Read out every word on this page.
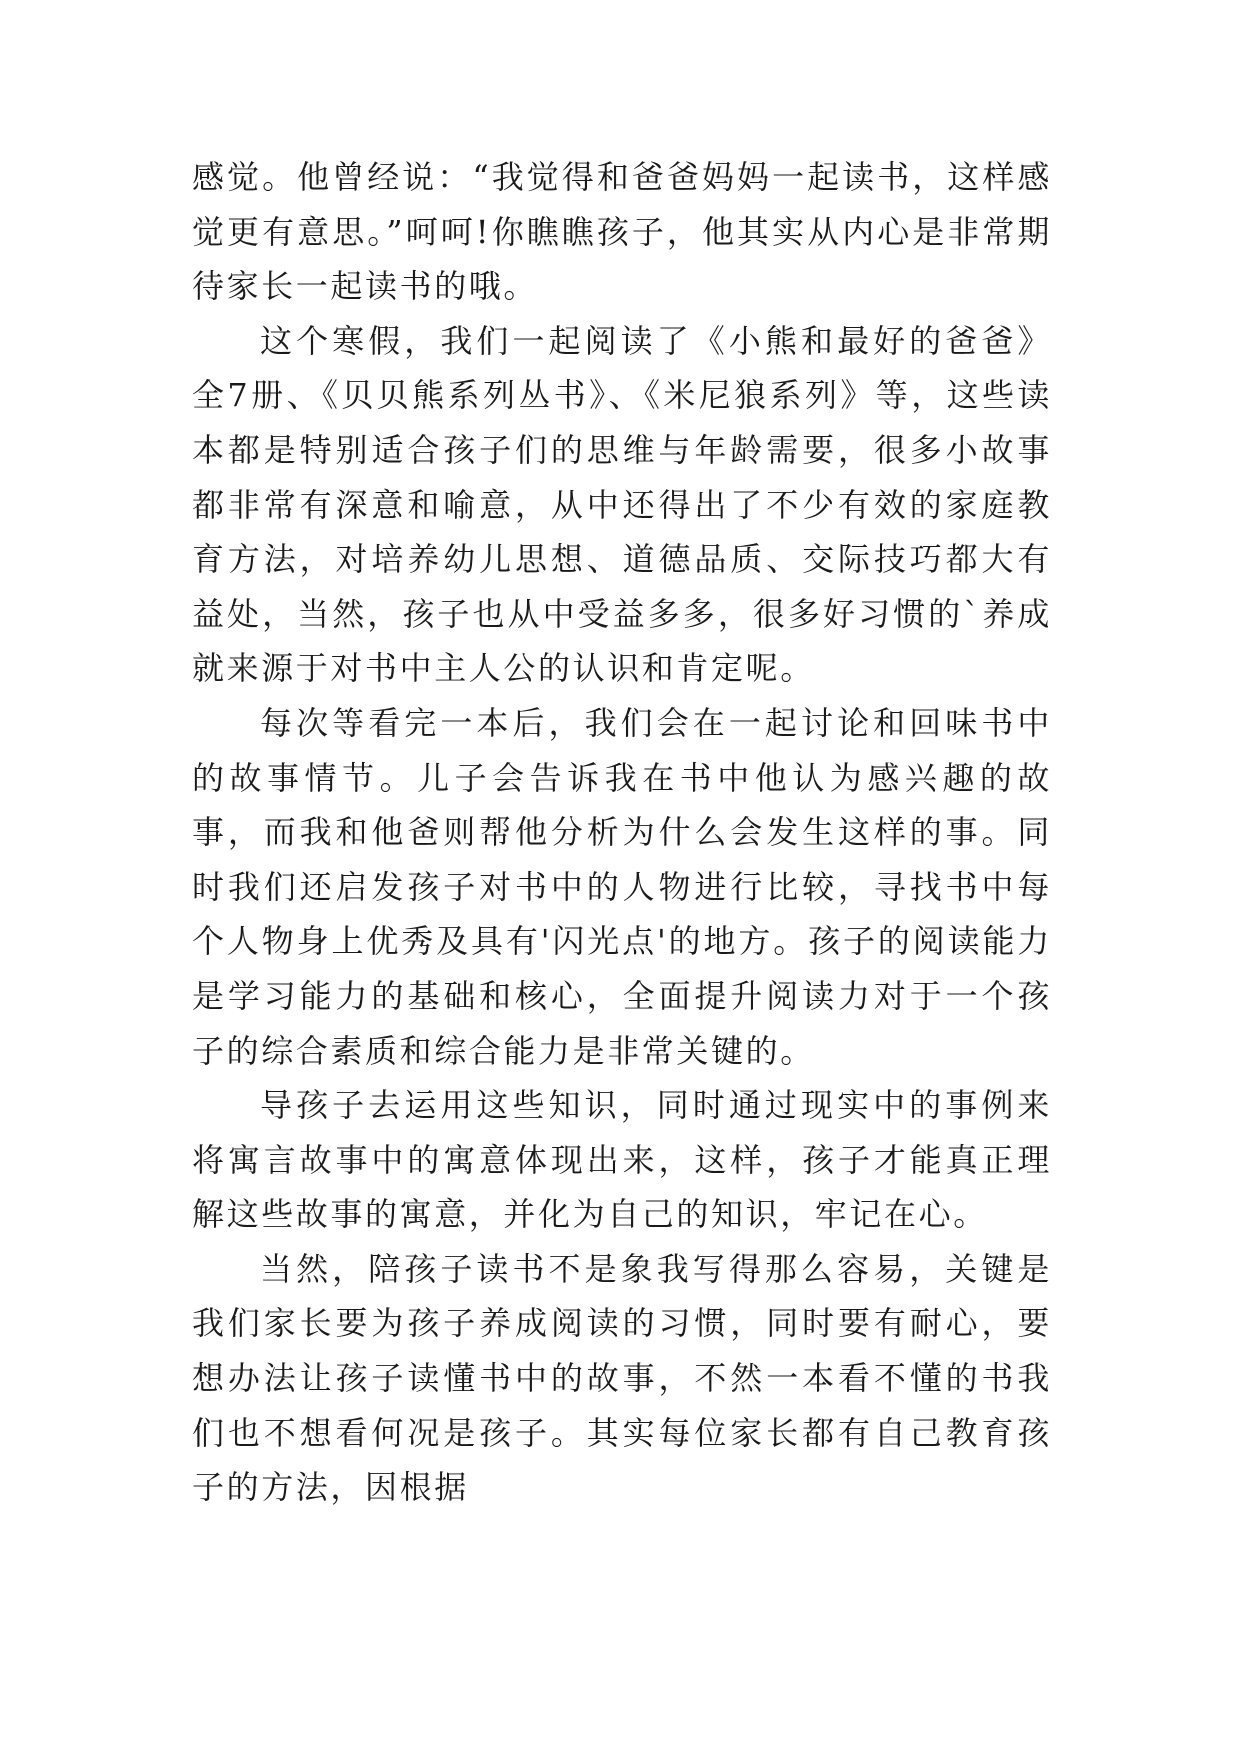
感觉。他曾经说：“我觉得和爸爸妈妈一起读书，这样感觉更有意思。”呵呵!你瞧瞧孩子，他其实从内心是非常期待家长一起读书的哦。

这个寒假，我们一起阅读了《小熊和最好的爸爸》全7册、《贝贝熊系列丛书》、《米尼狼系列》等，这些读本都是特别适合孩子们的思维与年龄需要，很多小故事都非常有深意和喻意，从中还得出了不少有效的家庭教育方法，对培养幼儿思想、道德品质、交际技巧都大有益处，当然，孩子也从中受益多多，很多好习惯的`养成就来源于对书中主人公的认识和肯定呢。

每次等看完一本后，我们会在一起讨论和回味书中的故事情节。儿子会告诉我在书中他认为感兴趣的故事，而我和他爸则帮他分析为什么会发生这样的事。同时我们还启发孩子对书中的人物进行比较，寻找书中每个人物身上优秀及具有'闪光点'的地方。孩子的阅读能力是学习能力的基础和核心，全面提升阅读力对于一个孩子的综合素质和综合能力是非常关键的。

导孩子去运用这些知识，同时通过现实中的事例来将寓言故事中的寓意体现出来，这样，孩子才能真正理解这些故事的寓意，并化为自己的知识，牢记在心。

当然，陪孩子读书不是象我写得那么容易，关键是我们家长要为孩子养成阅读的习惯，同时要有耐心，要想办法让孩子读懂书中的故事，不然一本看不懂的书我们也不想看何况是孩子。其实每位家长都有自己教育孩子的方法，因根据
